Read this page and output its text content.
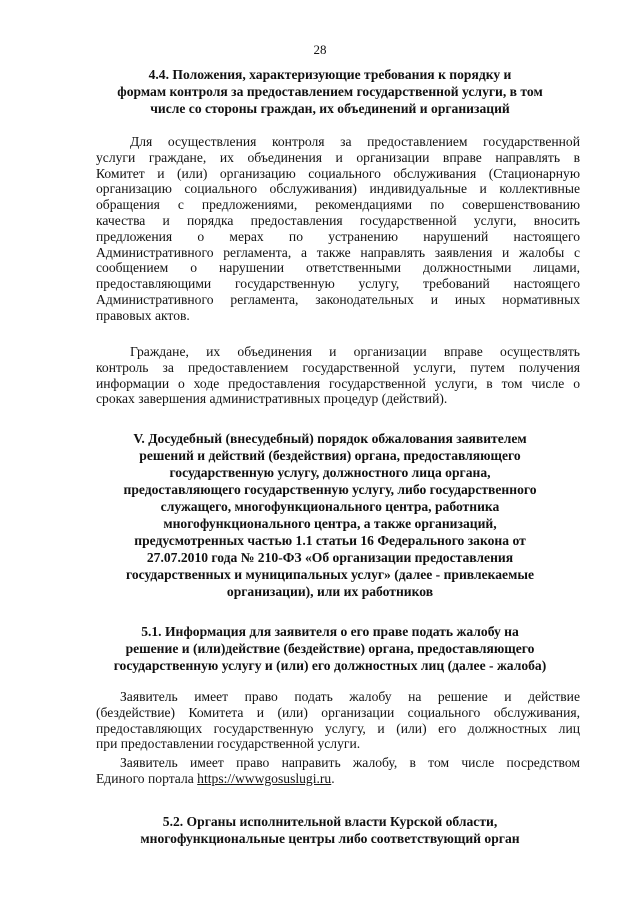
28
4.4. Положения, характеризующие требования к порядку и
формам контроля за предоставлением государственной услуги, в том
числе со стороны граждан, их объединений и организаций
Для осуществления контроля за предоставлением государственной
услуги граждане, их объединения и организации вправе направлять в
Комитет и (или) организацию социального обслуживания (Стационарную
организацию социального обслуживания) индивидуальные и коллективные
обращения с предложениями, рекомендациями по совершенствованию
качества и порядка предоставления государственной услуги, вносить
предложения о мерах по устранению нарушений настоящего
Административного регламента, а также направлять заявления и жалобы с
сообщением о нарушении ответственными должностными лицами,
предоставляющими государственную услугу, требований настоящего
Административного регламента, законодательных и иных нормативных
правовых актов.
Граждане, их объединения и организации вправе осуществлять
контроль за предоставлением государственной услуги, путем получения
информации о ходе предоставления государственной услуги, в том числе о
сроках завершения административных процедур (действий).
V. Досудебный (внесудебный) порядок обжалования заявителем
решений и действий (бездействия) органа, предоставляющего
государственную услугу, должностного лица органа,
предоставляющего государственную услугу, либо государственного
служащего, многофункционального центра, работника
многофункционального центра, а также организаций,
предусмотренных частью 1.1 статьи 16 Федерального закона от
27.07.2010 года № 210-ФЗ «Об организации предоставления
государственных и муниципальных услуг» (далее - привлекаемые
организации), или их работников
5.1. Информация для заявителя о его праве подать жалобу на
решение и (или)действие (бездействие) органа, предоставляющего
государственную услугу и (или) его должностных лиц (далее - жалоба)
Заявитель имеет право подать жалобу на решение и действие
(бездействие) Комитета и (или) организации социального обслуживания,
предоставляющих государственную услугу, и (или) его должностных лиц
при предоставлении государственной услуги.
Заявитель имеет право направить жалобу, в том числе посредством
Единого портала https://wwwgosuslugi.ru.
5.2. Органы исполнительной власти Курской области,
многофункциональные центры либо соответствующий орган
